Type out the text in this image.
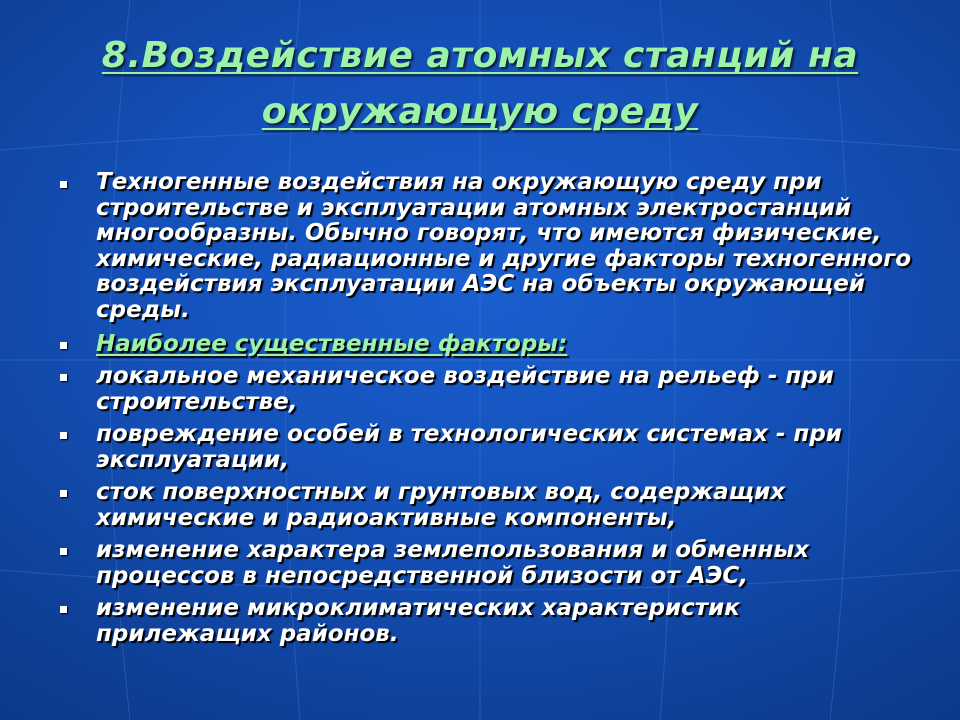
8.Воздействие атомных станций на
окружающую среду
Техногенные воздействия на окружающую среду при строительстве и эксплуатации атомных электростанций многообразны. Обычно говорят, что имеются физические, химические, радиационные и другие факторы техногенного воздействия эксплуатации АЭС на объекты окружающей среды.
Наиболее существенные факторы:
локальное механическое воздействие на рельеф - при строительстве,
повреждение особей в технологических системах - при эксплуатации,
сток поверхностных и грунтовых вод, содержащих химические и радиоактивные компоненты,
изменение характера землепользования и обменных процессов в непосредственной близости от АЭС,
изменение микроклиматических характеристик прилежащих районов.
